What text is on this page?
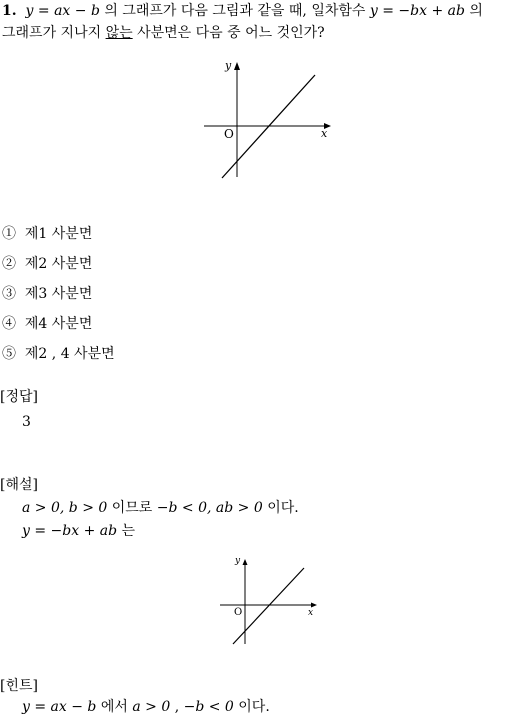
1. y = ax − b 의 그래프가 다음 그림과 같을 때, 일차함수 y = −bx + ab 의
그래프가 지나지 않는 사분면은 다음 중 어느 것인가?
y
x
O
① 제1 사분면
② 제2 사분면
③ 제3 사분면
④ 제4 사분면
⑤ 제2 , 4 사분면
[정답]
3
[해설]
a > 0, b > 0 이므로 −b < 0, ab > 0 이다.
y = −bx + ab 는
y
x
O
[힌트]
y = ax − b 에서 a > 0 , −b < 0 이다.
